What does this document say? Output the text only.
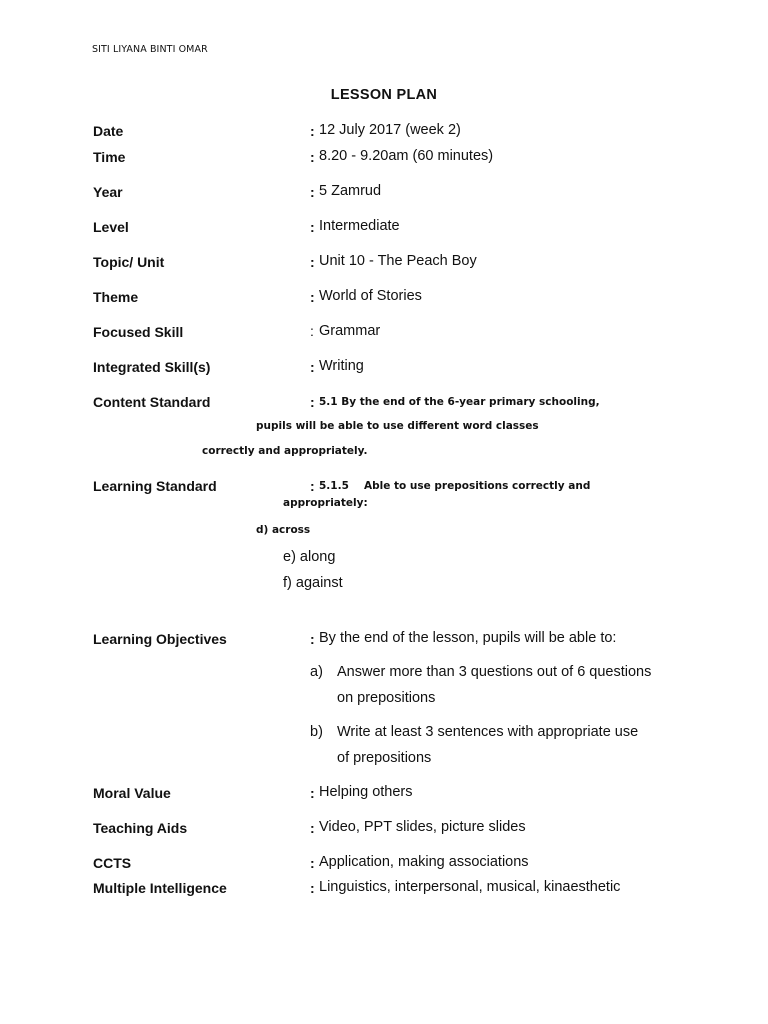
SITI LIYANA BINTI OMAR
LESSON PLAN
Date	: 12 July 2017 (week 2)
Time	: 8.20 - 9.20am (60 minutes)
Year	: 5 Zamrud
Level	: Intermediate
Topic/ Unit	: Unit 10 - The Peach Boy
Theme	: World of Stories
Focused Skill	: Grammar
Integrated Skill(s)	: Writing
Content Standard	: 5.1 By the end of the 6-year primary schooling,
pupils will be able to use different word classes
correctly and appropriately.
Learning Standard	: 5.1.5 Able to use prepositions correctly and
appropriately:
d) across
e) along
f) against
Learning Objectives	: By the end of the lesson, pupils will be able to:
a) Answer more than 3 questions out of 6 questions
on prepositions
b) Write at least 3 sentences with appropriate use
of prepositions
Moral Value	: Helping others
Teaching Aids	: Video, PPT slides, picture slides
CCTS	: Application, making associations
Multiple Intelligence	: Linguistics, interpersonal, musical, kinaesthetic
